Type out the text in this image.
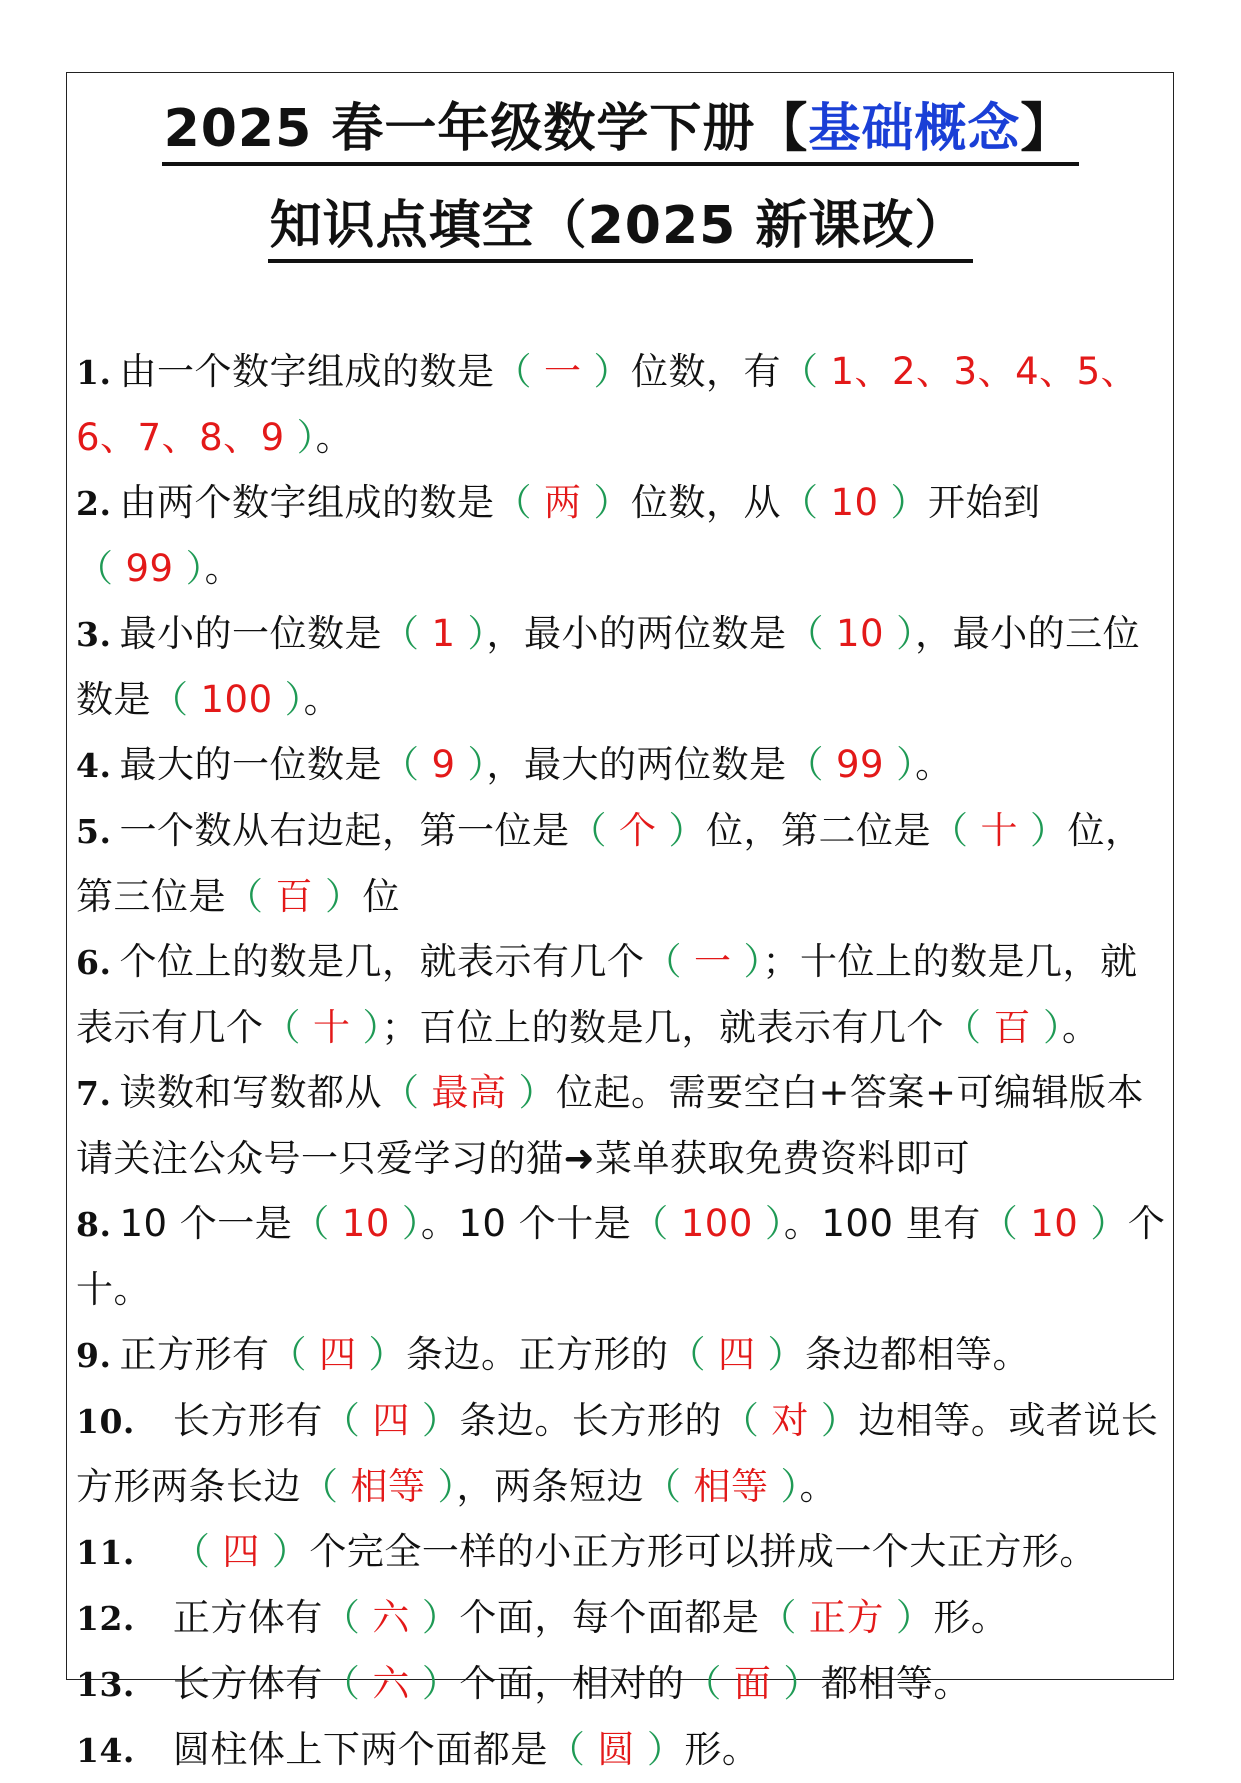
2025 春一年级数学下册【基础概念】
知识点填空（2025 新课改）
1. 由一个数字组成的数是（ 一 ）位数，有（ 1、2、3、4、5、6、7、8、9 ）。
2. 由两个数字组成的数是（ 两 ）位数，从（ 10 ）开始到（ 99 ）。
3. 最小的一位数是（ 1 ），最小的两位数是（ 10 ），最小的三位数是（ 100 ）。
4. 最大的一位数是（ 9 ），最大的两位数是（ 99 ）。
5. 一个数从右边起，第一位是（ 个 ）位，第二位是（ 十 ）位，第三位是（ 百 ）位
6. 个位上的数是几，就表示有几个（ 一 ）；十位上的数是几，就表示有几个（ 十 ）；百位上的数是几，就表示有几个（ 百 ）。
7. 读数和写数都从（ 最高 ）位起。需要空白+答案+可编辑版本请关注公众号一只爱学习的猫➜菜单获取免费资料即可
8. 10 个一是（ 10 ）。10 个十是（ 100 ）。100 里有（ 10 ）个十。
9. 正方形有（ 四 ）条边。正方形的（ 四 ）条边都相等。
10. 长方形有（ 四 ）条边。长方形的（ 对 ）边相等。或者说长方形两条长边（ 相等 ），两条短边（ 相等 ）。
11. （ 四 ）个完全一样的小正方形可以拼成一个大正方形。
12. 正方体有（ 六 ）个面，每个面都是（ 正方 ）形。
13. 长方体有（ 六 ）个面，相对的（ 面 ）都相等。
14. 圆柱体上下两个面都是（ 圆 ）形。
